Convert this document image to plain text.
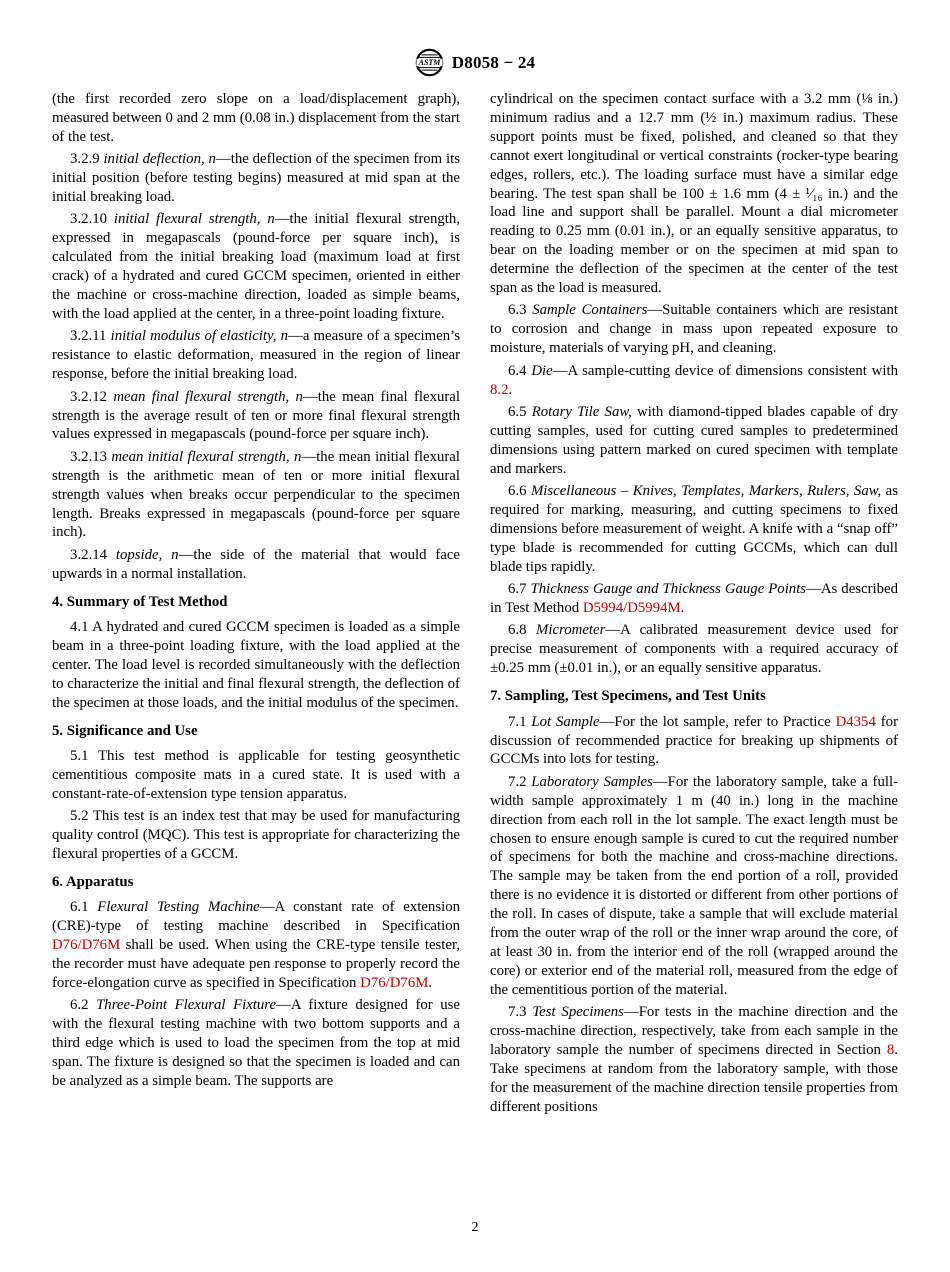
ASTM D8058 − 24

(the first recorded zero slope on a load/displacement graph), measured between 0 and 2 mm (0.08 in.) displacement from the start of the test.

3.2.9 initial deflection, n—the deflection of the specimen from its initial position (before testing begins) measured at mid span at the initial breaking load.

3.2.10 initial flexural strength, n—the initial flexural strength, expressed in megapascals (pound-force per square inch), is calculated from the initial breaking load (maximum load at first crack) of a hydrated and cured GCCM specimen, oriented in either the machine or cross-machine direction, loaded as simple beams, with the load applied at the center, in a three-point loading fixture.

3.2.11 initial modulus of elasticity, n—a measure of a specimen’s resistance to elastic deformation, measured in the region of linear response, before the initial breaking load.

3.2.12 mean final flexural strength, n—the mean final flexural strength is the average result of ten or more final flexural strength values expressed in megapascals (pound-force per square inch).

3.2.13 mean initial flexural strength, n—the mean initial flexural strength is the arithmetic mean of ten or more initial flexural strength values when breaks occur perpendicular to the specimen length. Breaks expressed in megapascals (pound-force per square inch).

3.2.14 topside, n—the side of the material that would face upwards in a normal installation.

4. Summary of Test Method

4.1 A hydrated and cured GCCM specimen is loaded as a simple beam in a three-point loading fixture, with the load applied at the center. The load level is recorded simultaneously with the deflection to characterize the initial and final flexural strength, the deflection of the specimen at those loads, and the initial modulus of the specimen.

5. Significance and Use

5.1 This test method is applicable for testing geosynthetic cementitious composite mats in a cured state. It is used with a constant-rate-of-extension type tension apparatus.

5.2 This test is an index test that may be used for manufacturing quality control (MQC). This test is appropriate for characterizing the flexural properties of a GCCM.

6. Apparatus

6.1 Flexural Testing Machine—A constant rate of extension (CRE)-type of testing machine described in Specification D76/D76M shall be used. When using the CRE-type tensile tester, the recorder must have adequate pen response to properly record the force-elongation curve as specified in Specification D76/D76M.

6.2 Three-Point Flexural Fixture—A fixture designed for use with the flexural testing machine with two bottom supports and a third edge which is used to load the specimen from the top at mid span. The fixture is designed so that the specimen is loaded and can be analyzed as a simple beam. The supports are

cylindrical on the specimen contact surface with a 3.2 mm (⅛ in.) minimum radius and a 12.7 mm (½ in.) maximum radius. These support points must be fixed, polished, and cleaned so that they cannot exert longitudinal or vertical constraints (rocker-type bearing edges, rollers, etc.). The loading surface must have a similar edge bearing. The test span shall be 100 ± 1.6 mm (4 ± ¹⁄₁₆ in.) and the load line and support shall be parallel. Mount a dial micrometer reading to 0.25 mm (0.01 in.), or an equally sensitive apparatus, to bear on the loading member or on the specimen at mid span to determine the deflection of the specimen at the center of the test span as the load is measured.

6.3 Sample Containers—Suitable containers which are resistant to corrosion and change in mass upon repeated exposure to moisture, materials of varying pH, and cleaning.

6.4 Die—A sample-cutting device of dimensions consistent with 8.2.

6.5 Rotary Tile Saw, with diamond-tipped blades capable of dry cutting samples, used for cutting cured samples to predetermined dimensions using pattern marked on cured specimen with template and markers.

6.6 Miscellaneous – Knives, Templates, Markers, Rulers, Saw, as required for marking, measuring, and cutting specimens to fixed dimensions before measurement of weight. A knife with a “snap off” type blade is recommended for cutting GCCMs, which can dull blade tips rapidly.

6.7 Thickness Gauge and Thickness Gauge Points—As described in Test Method D5994/D5994M.

6.8 Micrometer—A calibrated measurement device used for precise measurement of components with a required accuracy of ±0.25 mm (±0.01 in.), or an equally sensitive apparatus.

7. Sampling, Test Specimens, and Test Units

7.1 Lot Sample—For the lot sample, refer to Practice D4354 for discussion of recommended practice for breaking up shipments of GCCMs into lots for testing.

7.2 Laboratory Samples—For the laboratory sample, take a full-width sample approximately 1 m (40 in.) long in the machine direction from each roll in the lot sample. The exact length must be chosen to ensure enough sample is cured to cut the required number of specimens for both the machine and cross-machine directions. The sample may be taken from the end portion of a roll, provided there is no evidence it is distorted or different from other portions of the roll. In cases of dispute, take a sample that will exclude material from the outer wrap of the roll or the inner wrap around the core, of at least 30 in. from the interior end of the roll (wrapped around the core) or exterior end of the material roll, measured from the edge of the cementitious portion of the material.

7.3 Test Specimens—For tests in the machine direction and the cross-machine direction, respectively, take from each sample in the laboratory sample the number of specimens directed in Section 8. Take specimens at random from the laboratory sample, with those for the measurement of the machine direction tensile properties from different positions

2
